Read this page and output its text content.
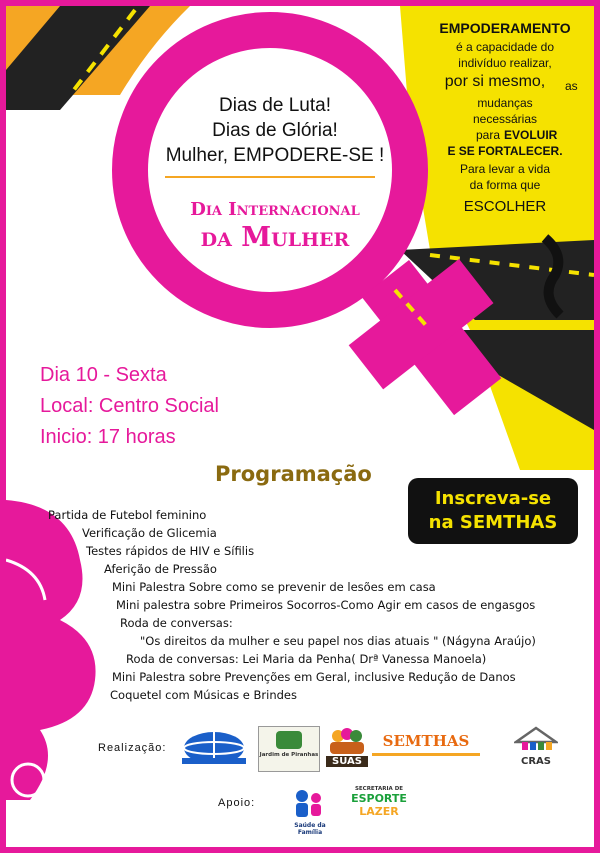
Dias de Luta!

Dias de Glória!

Mulher, EMPODERE-SE !

Dia Internacional

da Mulher

EMPODERAMENTO

é a capacidade do

indivíduo realizar,

por si mesmo,	as

mudanças

necessárias

para EVOLUIR

E SE FORTALECER.

Para levar a vida

da forma que

ESCOLHER

Dia 10 - Sexta

Local: Centro Social

Inicio: 17 horas

Programação

Inscreva-se
na SEMTHAS

Partida de Futebol feminino

Verificação de Glicemia

Testes rápidos de HIV e Sífilis

Aferição de Pressão

Mini Palestra Sobre como se prevenir de lesões em casa

Mini palestra sobre Primeiros Socorros-Como Agir em casos de engasgos

Roda de conversas:

"Os direitos da mulher e seu papel nos dias atuais " (Nágyna Araújo)

Roda de conversas: Lei Maria da Penha( Drª Vanessa Manoela)

Mini Palestra sobre Prevenções em Geral, inclusive Redução de Danos

Coquetel com Músicas e Brindes

Realização:

Jardim de Piranhas
SUAS
SEMTHAS
CRAS

Apoio:

Saúde da Família
SECRETARIA DE
ESPORTE
LAZER
